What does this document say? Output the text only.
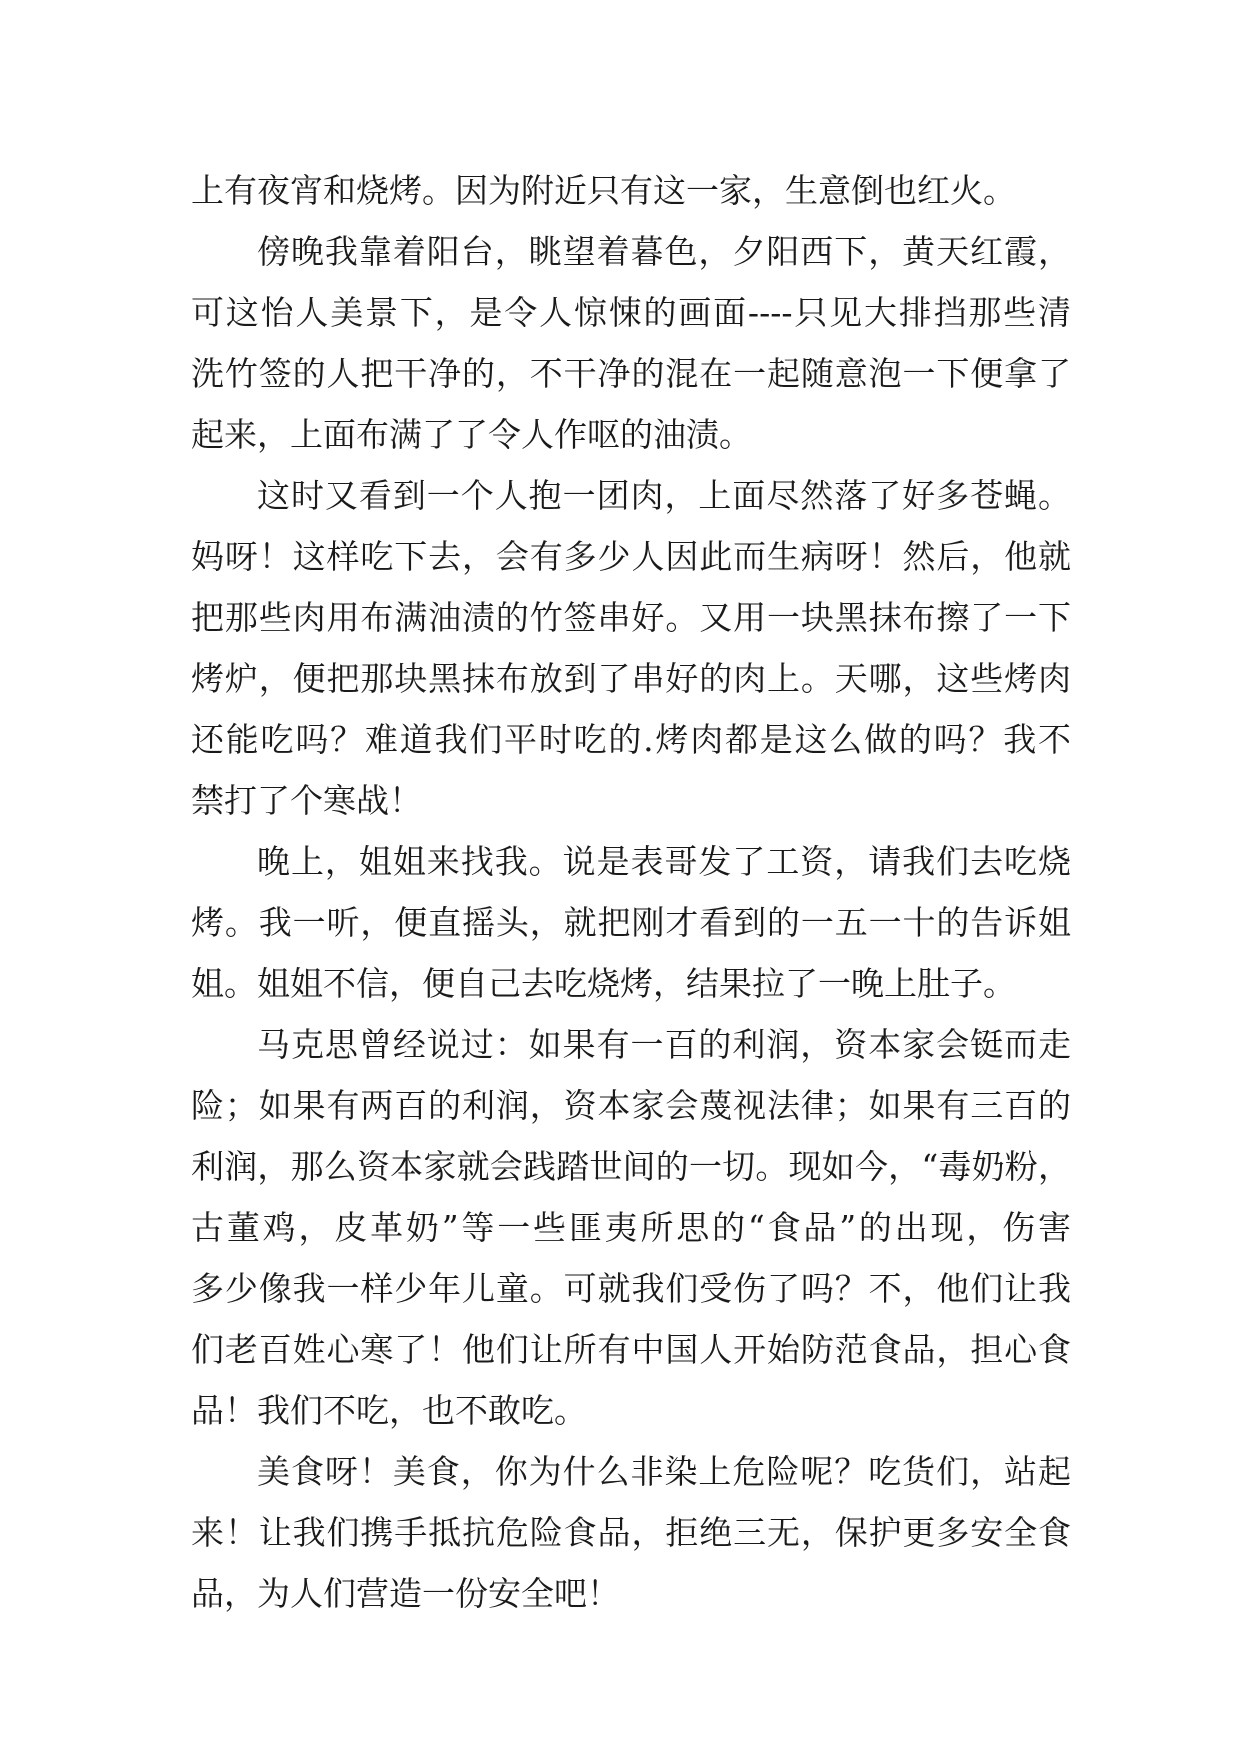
上有夜宵和烧烤。因为附近只有这一家，生意倒也红火。
傍晚我靠着阳台，眺望着暮色，夕阳西下，黄天红霞，
可这怡人美景下，是令人惊悚的画面----只见大排挡那些清
洗竹签的人把干净的，不干净的混在一起随意泡一下便拿了
起来，上面布满了了令人作呕的油渍。
这时又看到一个人抱一团肉，上面尽然落了好多苍蝇。
妈呀！这样吃下去，会有多少人因此而生病呀！然后，他就
把那些肉用布满油渍的竹签串好。又用一块黑抹布擦了一下
烤炉，便把那块黑抹布放到了串好的肉上。天哪，这些烤肉
还能吃吗？难道我们平时吃的.烤肉都是这么做的吗？我不
禁打了个寒战！
晚上，姐姐来找我。说是表哥发了工资，请我们去吃烧
烤。我一听，便直摇头，就把刚才看到的一五一十的告诉姐
姐。姐姐不信，便自己去吃烧烤，结果拉了一晚上肚子。
马克思曾经说过：如果有一百的利润，资本家会铤而走
险；如果有两百的利润，资本家会蔑视法律；如果有三百的
利润，那么资本家就会践踏世间的一切。现如今，“毒奶粉，
古董鸡，皮革奶”等一些匪夷所思的“食品”的出现，伤害
多少像我一样少年儿童。可就我们受伤了吗？不，他们让我
们老百姓心寒了！他们让所有中国人开始防范食品，担心食
品！我们不吃，也不敢吃。
美食呀！美食，你为什么非染上危险呢？吃货们，站起
来！让我们携手抵抗危险食品，拒绝三无，保护更多安全食
品，为人们营造一份安全吧！
